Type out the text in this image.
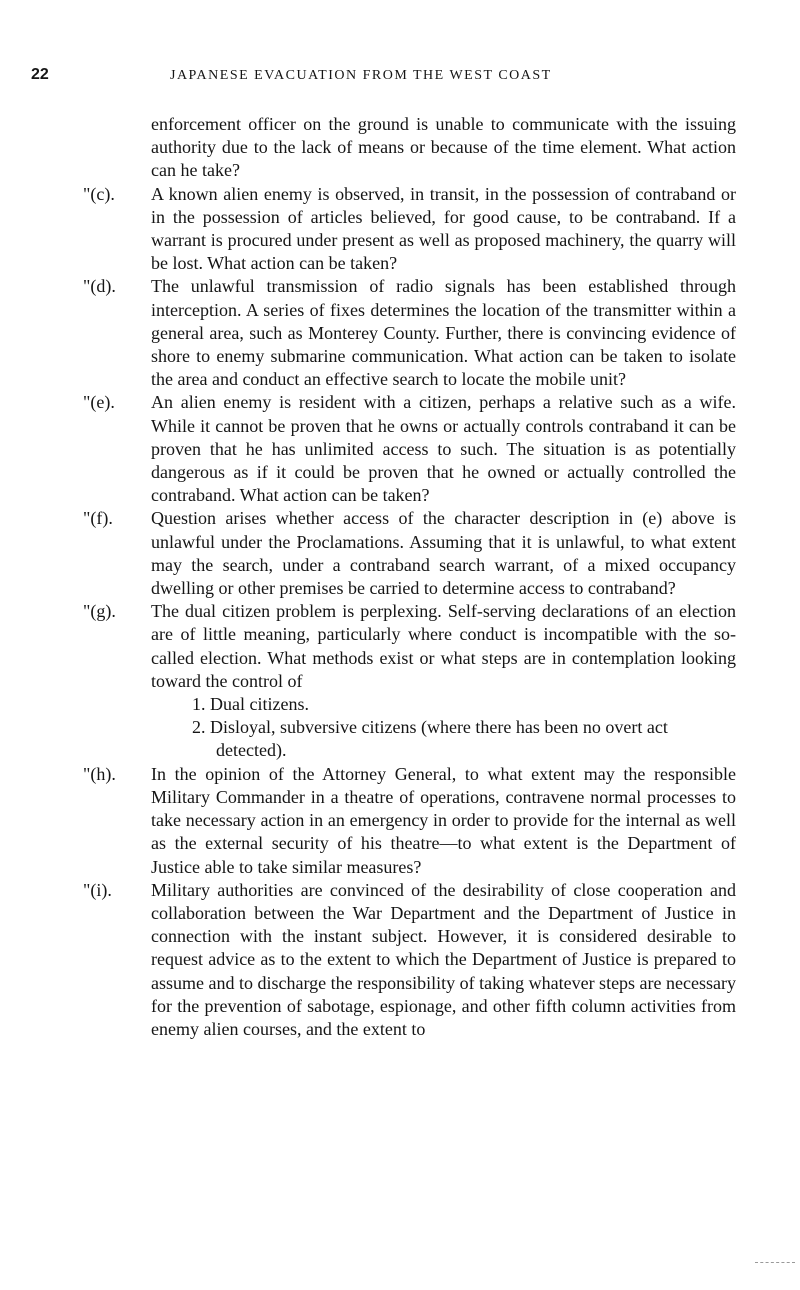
22	JAPANESE EVACUATION FROM THE WEST COAST
enforcement officer on the ground is unable to communicate with the issuing authority due to the lack of means or because of the time element. What action can he take?
"(c).	A known alien enemy is observed, in transit, in the possession of contraband or in the possession of articles believed, for good cause, to be contraband. If a warrant is procured under present as well as proposed machinery, the quarry will be lost. What action can be taken?
"(d).	The unlawful transmission of radio signals has been established through interception. A series of fixes determines the location of the transmitter within a general area, such as Monterey County. Further, there is convincing evidence of shore to enemy submarine communication. What action can be taken to isolate the area and conduct an effective search to locate the mobile unit?
"(e).	An alien enemy is resident with a citizen, perhaps a relative such as a wife. While it cannot be proven that he owns or actually controls contraband it can be proven that he has unlimited access to such. The situation is as potentially dangerous as if it could be proven that he owned or actually controlled the contraband. What action can be taken?
"(f).	Question arises whether access of the character description in (e) above is unlawful under the Proclamations. Assuming that it is unlawful, to what extent may the search, under a contraband search warrant, of a mixed occupancy dwelling or other premises be carried to determine access to contraband?
"(g).	The dual citizen problem is perplexing. Self-serving declarations of an election are of little meaning, particularly where conduct is incompatible with the so-called election. What methods exist or what steps are in contemplation looking toward the control of
1. Dual citizens.
2. Disloyal, subversive citizens (where there has been no overt act detected).
"(h).	In the opinion of the Attorney General, to what extent may the responsible Military Commander in a theatre of operations, contravene normal processes to take necessary action in an emergency in order to provide for the internal as well as the external security of his theatre—to what extent is the Department of Justice able to take similar measures?
"(i).	Military authorities are convinced of the desirability of close cooperation and collaboration between the War Department and the Department of Justice in connection with the instant subject. However, it is considered desirable to request advice as to the extent to which the Department of Justice is prepared to assume and to discharge the responsibility of taking whatever steps are necessary for the prevention of sabotage, espionage, and other fifth column activities from enemy alien courses, and the extent to
